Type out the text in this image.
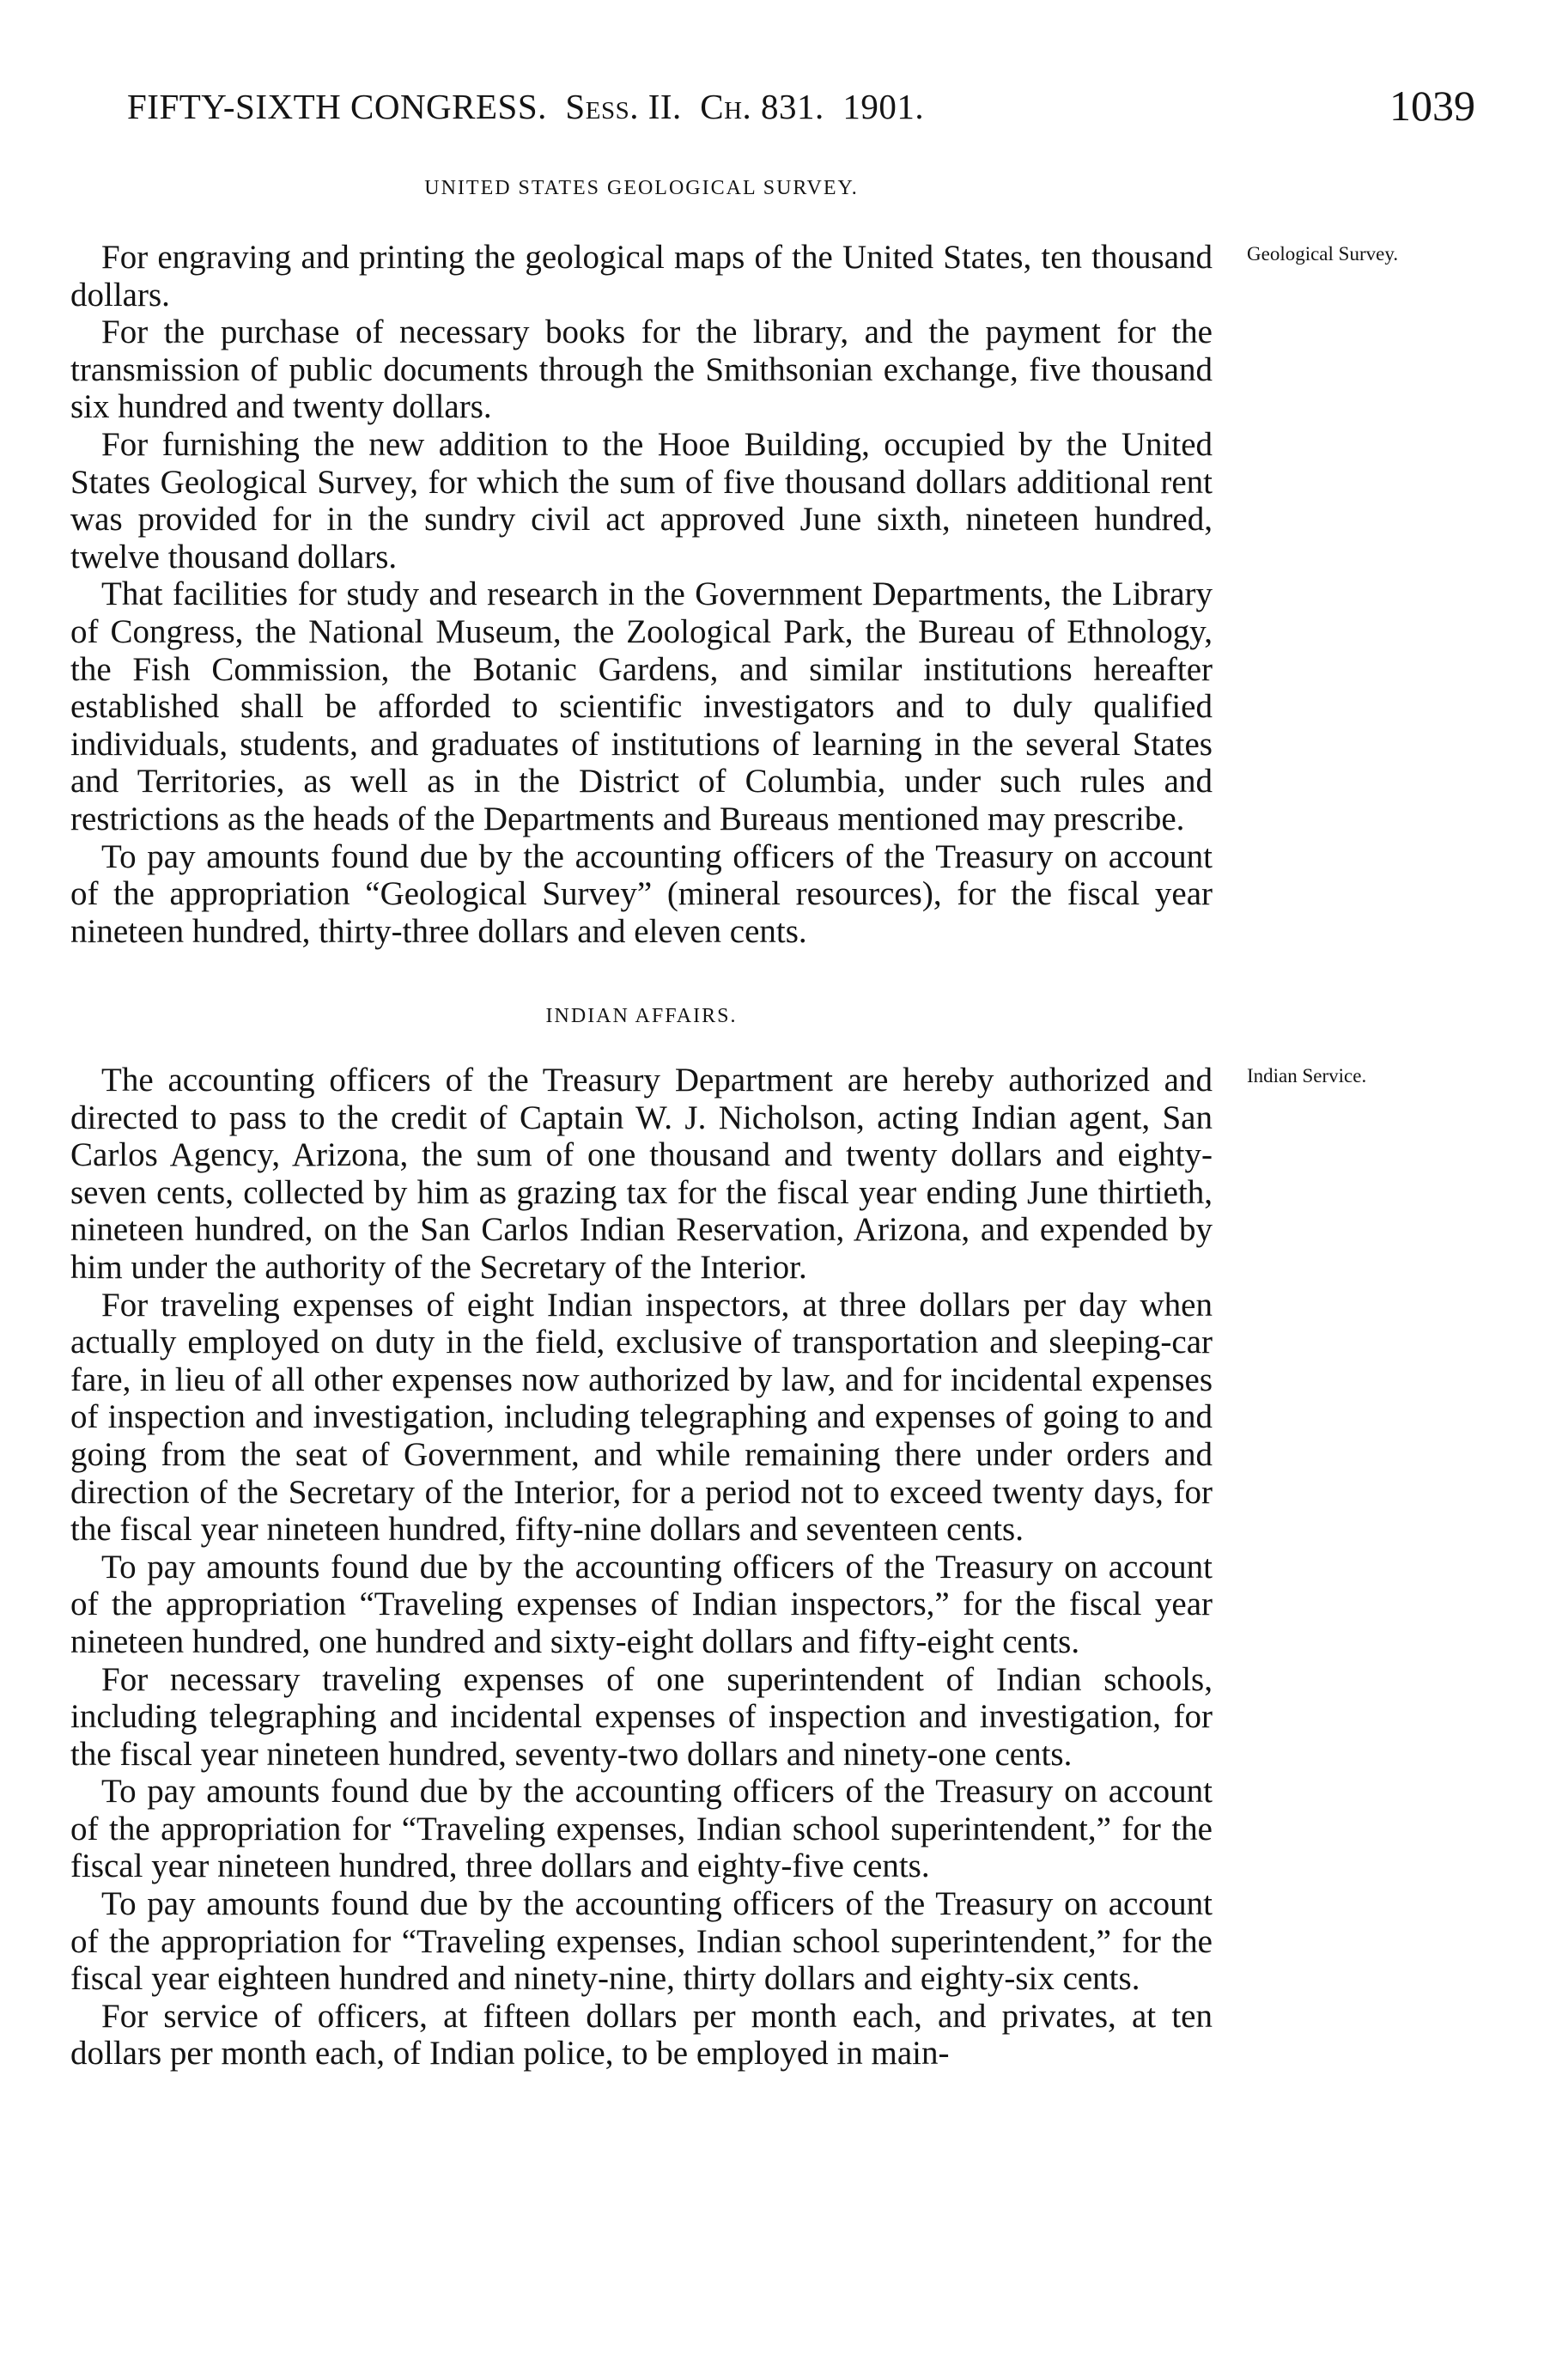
FIFTY-SIXTH CONGRESS. Sess. II. Ch. 831. 1901.	1039
UNITED STATES GEOLOGICAL SURVEY.
Geological Survey.

For engraving and printing the geological maps of the United States, ten thousand dollars.

For the purchase of necessary books for the library, and the payment for the transmission of public documents through the Smithsonian exchange, five thousand six hundred and twenty dollars.

For furnishing the new addition to the Hooe Building, occupied by the United States Geological Survey, for which the sum of five thousand dollars additional rent was provided for in the sundry civil act approved June sixth, nineteen hundred, twelve thousand dollars.

That facilities for study and research in the Government Departments, the Library of Congress, the National Museum, the Zoological Park, the Bureau of Ethnology, the Fish Commission, the Botanic Gardens, and similar institutions hereafter established shall be afforded to scientific investigators and to duly qualified individuals, students, and graduates of institutions of learning in the several States and Territories, as well as in the District of Columbia, under such rules and restrictions as the heads of the Departments and Bureaus mentioned may prescribe.

To pay amounts found due by the accounting officers of the Treasury on account of the appropriation “Geological Survey” (mineral resources), for the fiscal year nineteen hundred, thirty-three dollars and eleven cents.

INDIAN AFFAIRS.
Indian Service.

The accounting officers of the Treasury Department are hereby authorized and directed to pass to the credit of Captain W. J. Nicholson, acting Indian agent, San Carlos Agency, Arizona, the sum of one thousand and twenty dollars and eighty-seven cents, collected by him as grazing tax for the fiscal year ending June thirtieth, nineteen hundred, on the San Carlos Indian Reservation, Arizona, and expended by him under the authority of the Secretary of the Interior.

For traveling expenses of eight Indian inspectors, at three dollars per day when actually employed on duty in the field, exclusive of transportation and sleeping-car fare, in lieu of all other expenses now authorized by law, and for incidental expenses of inspection and investigation, including telegraphing and expenses of going to and going from the seat of Government, and while remaining there under orders and direction of the Secretary of the Interior, for a period not to exceed twenty days, for the fiscal year nineteen hundred, fifty-nine dollars and seventeen cents.

To pay amounts found due by the accounting officers of the Treasury on account of the appropriation “Traveling expenses of Indian inspectors,” for the fiscal year nineteen hundred, one hundred and sixty-eight dollars and fifty-eight cents.

For necessary traveling expenses of one superintendent of Indian schools, including telegraphing and incidental expenses of inspection and investigation, for the fiscal year nineteen hundred, seventy-two dollars and ninety-one cents.

To pay amounts found due by the accounting officers of the Treasury on account of the appropriation for “Traveling expenses, Indian school superintendent,” for the fiscal year nineteen hundred, three dollars and eighty-five cents.

To pay amounts found due by the accounting officers of the Treasury on account of the appropriation for “Traveling expenses, Indian school superintendent,” for the fiscal year eighteen hundred and ninety-nine, thirty dollars and eighty-six cents.

For service of officers, at fifteen dollars per month each, and privates, at ten dollars per month each, of Indian police, to be employed in main-
